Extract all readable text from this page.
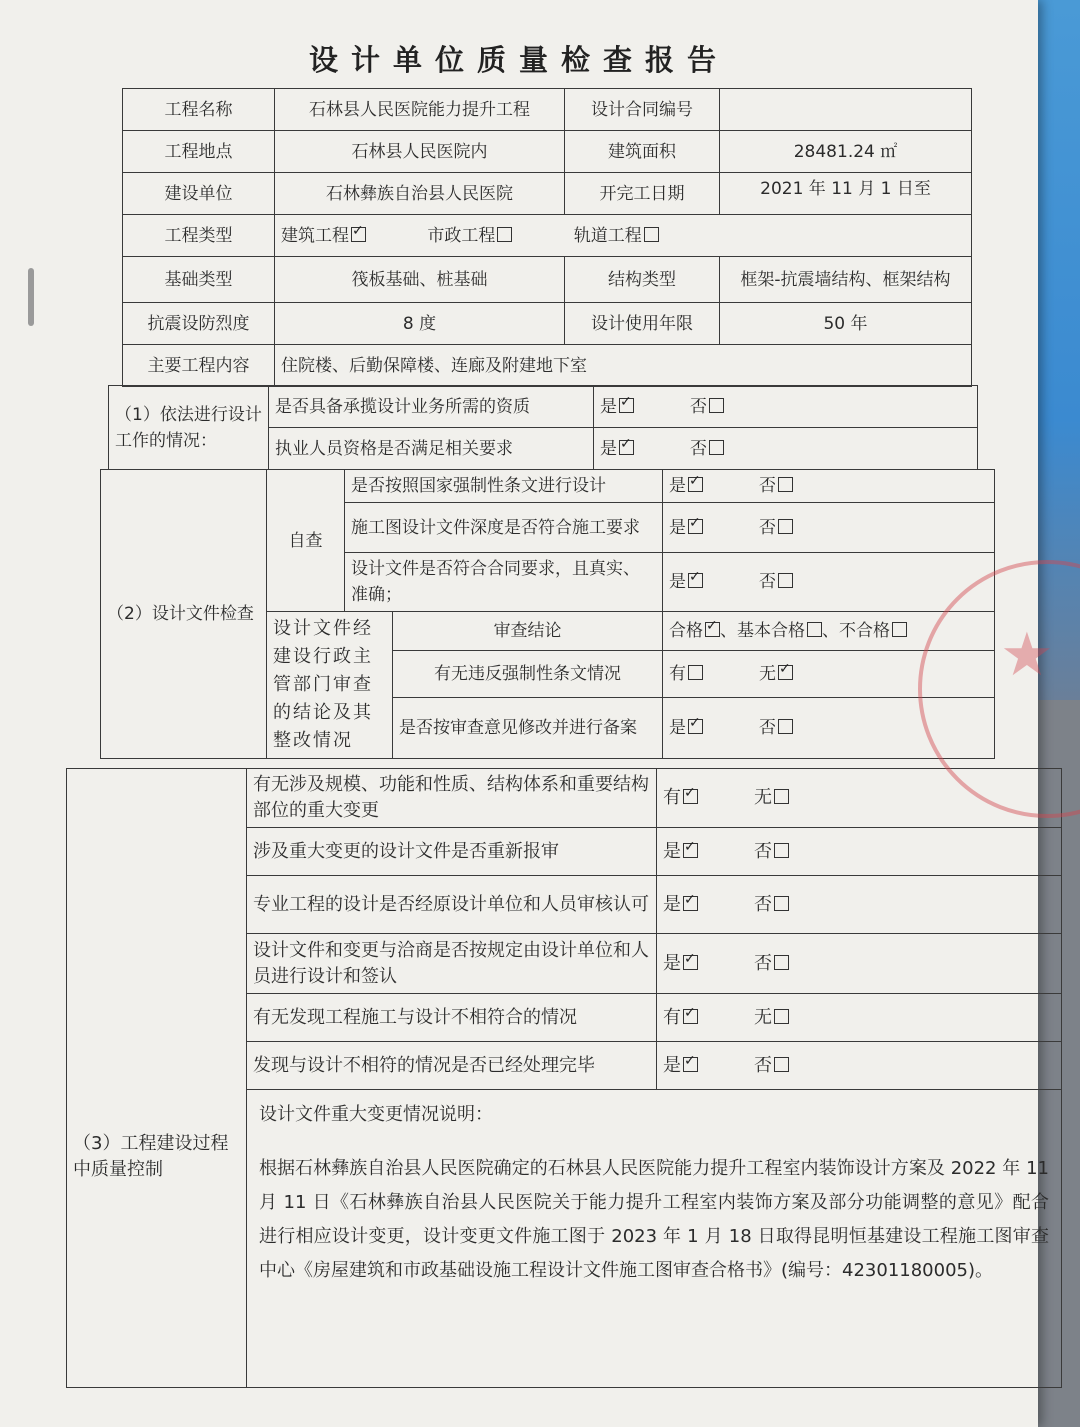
设计单位质量检查报告
工程名称	石林县人民医院能力提升工程	设计合同编号	
工程地点	石林县人民医院内	建筑面积	28481.24 ㎡
建设单位	石林彝族自治县人民医院	开完工日期	2021 年 11 月 1 日至
工程类型	建筑工程 ✓ 市政工程 轨道工程
基础类型	筏板基础、桩基础	结构类型	框架-抗震墙结构、框架结构
抗震设防烈度	8 度	设计使用年限	50 年
主要工程内容	住院楼、后勤保障楼、连廊及附建地下室		
（1）依法进行设计工作的情况：	是否具备承揽设计业务所需的资质	是 ✓ 否
	执业人员资格是否满足相关要求	是 ✓ 否
（2）设计文件检查	自查	是否按照国家强制性条文进行设计		是 ✓ 否
		施工图设计文件深度是否符合施工要求		是 ✓ 否
		设计文件是否符合合同要求，且真实、准确；		是 ✓ 否
	设计文件经建设行政主管部门审查的结论及其整改情况		审查结论	合格 ✓ 、基本合格 、不合格
			有无违反强制性条文情况	有 无✓
			是否按审查意见修改并进行备案	是 ✓ 否
（3）工程建设过程中质量控制	有无涉及规模、功能和性质、结构体系和重要结构部位的重大变更	有 ✓ 无
	涉及重大变更的设计文件是否重新报审	是 ✓ 否
	专业工程的设计是否经原设计单位和人员审核认可	是 ✓ 否
	设计文件和变更与洽商是否按规定由设计单位和人员进行设计和签认	是 ✓ 否
	有无发现工程施工与设计不相符合的情况	有 ✓ 无
	发现与设计不相符的情况是否已经处理完毕	是 ✓ 否

	设计文件重大变更情况说明：
根据石林彝族自治县人民医院确定的石林县人民医院能力提升工程室内装饰设计方案及 2022 年 11 月 11 日《石林彝族自治县人民医院关于能力提升工程室内装饰方案及部分功能调整的意见》配合进行相应设计变更，设计变更文件施工图于 2023 年 1 月 18 日取得昆明恒基建设工程施工图审查中心《房屋建筑和市政基础设施工程设计文件施工图审查合格书》(编号：42301180005)。	
★
